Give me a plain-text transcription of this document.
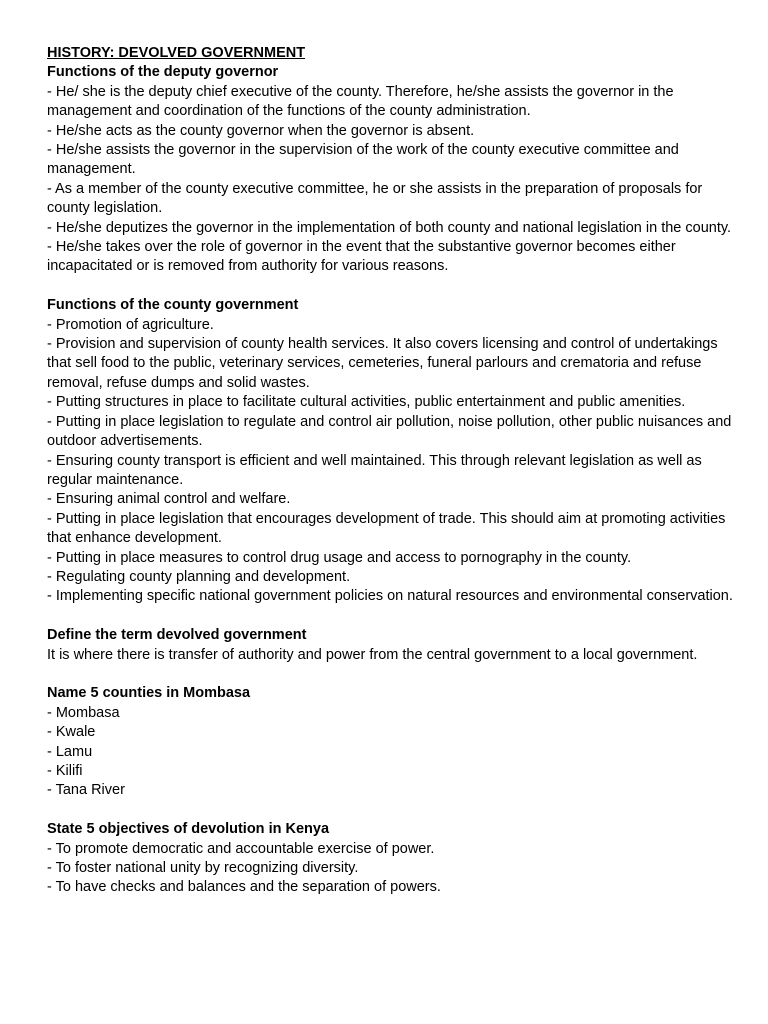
HISTORY: DEVOLVED GOVERNMENT
Functions of the deputy governor
- He/ she is the deputy chief executive of the county. Therefore, he/she assists the governor in the management and coordination of the functions of the county administration.
- He/she acts as the county governor when the governor is absent.
- He/she assists the governor in the supervision of the work of the county executive committee and management.
- As a member of the county executive committee, he or she assists in the preparation of proposals for county legislation.
- He/she deputizes the governor in the implementation of both county and national legislation in the county.
- He/she takes over the role of governor in the event that the substantive governor becomes either incapacitated or is removed from authority for various reasons.
Functions of the county government
- Promotion of agriculture.
- Provision and supervision of county health services. It also covers licensing and control of undertakings that sell food to the public, veterinary services, cemeteries, funeral parlours and crematoria and refuse removal, refuse dumps and solid wastes.
- Putting structures in place to facilitate cultural activities, public entertainment and public amenities.
- Putting in place legislation to regulate and control air pollution, noise pollution, other public nuisances and outdoor advertisements.
- Ensuring county transport is efficient and well maintained. This through relevant legislation as well as regular maintenance.
- Ensuring animal control and welfare.
- Putting in place legislation that encourages development of trade. This should aim at promoting activities that enhance development.
- Putting in place measures to control drug usage and access to pornography in the county.
- Regulating county planning and development.
- Implementing specific national government policies on natural resources and environmental conservation.
Define the term devolved government
It is where there is transfer of authority and power from the central government to a local government.
Name 5 counties in Mombasa
- Mombasa
- Kwale
- Lamu
- Kilifi
- Tana River
State 5 objectives of devolution in Kenya
- To promote democratic and accountable exercise of power.
- To foster national unity by recognizing diversity.
- To have checks and balances and the separation of powers.
